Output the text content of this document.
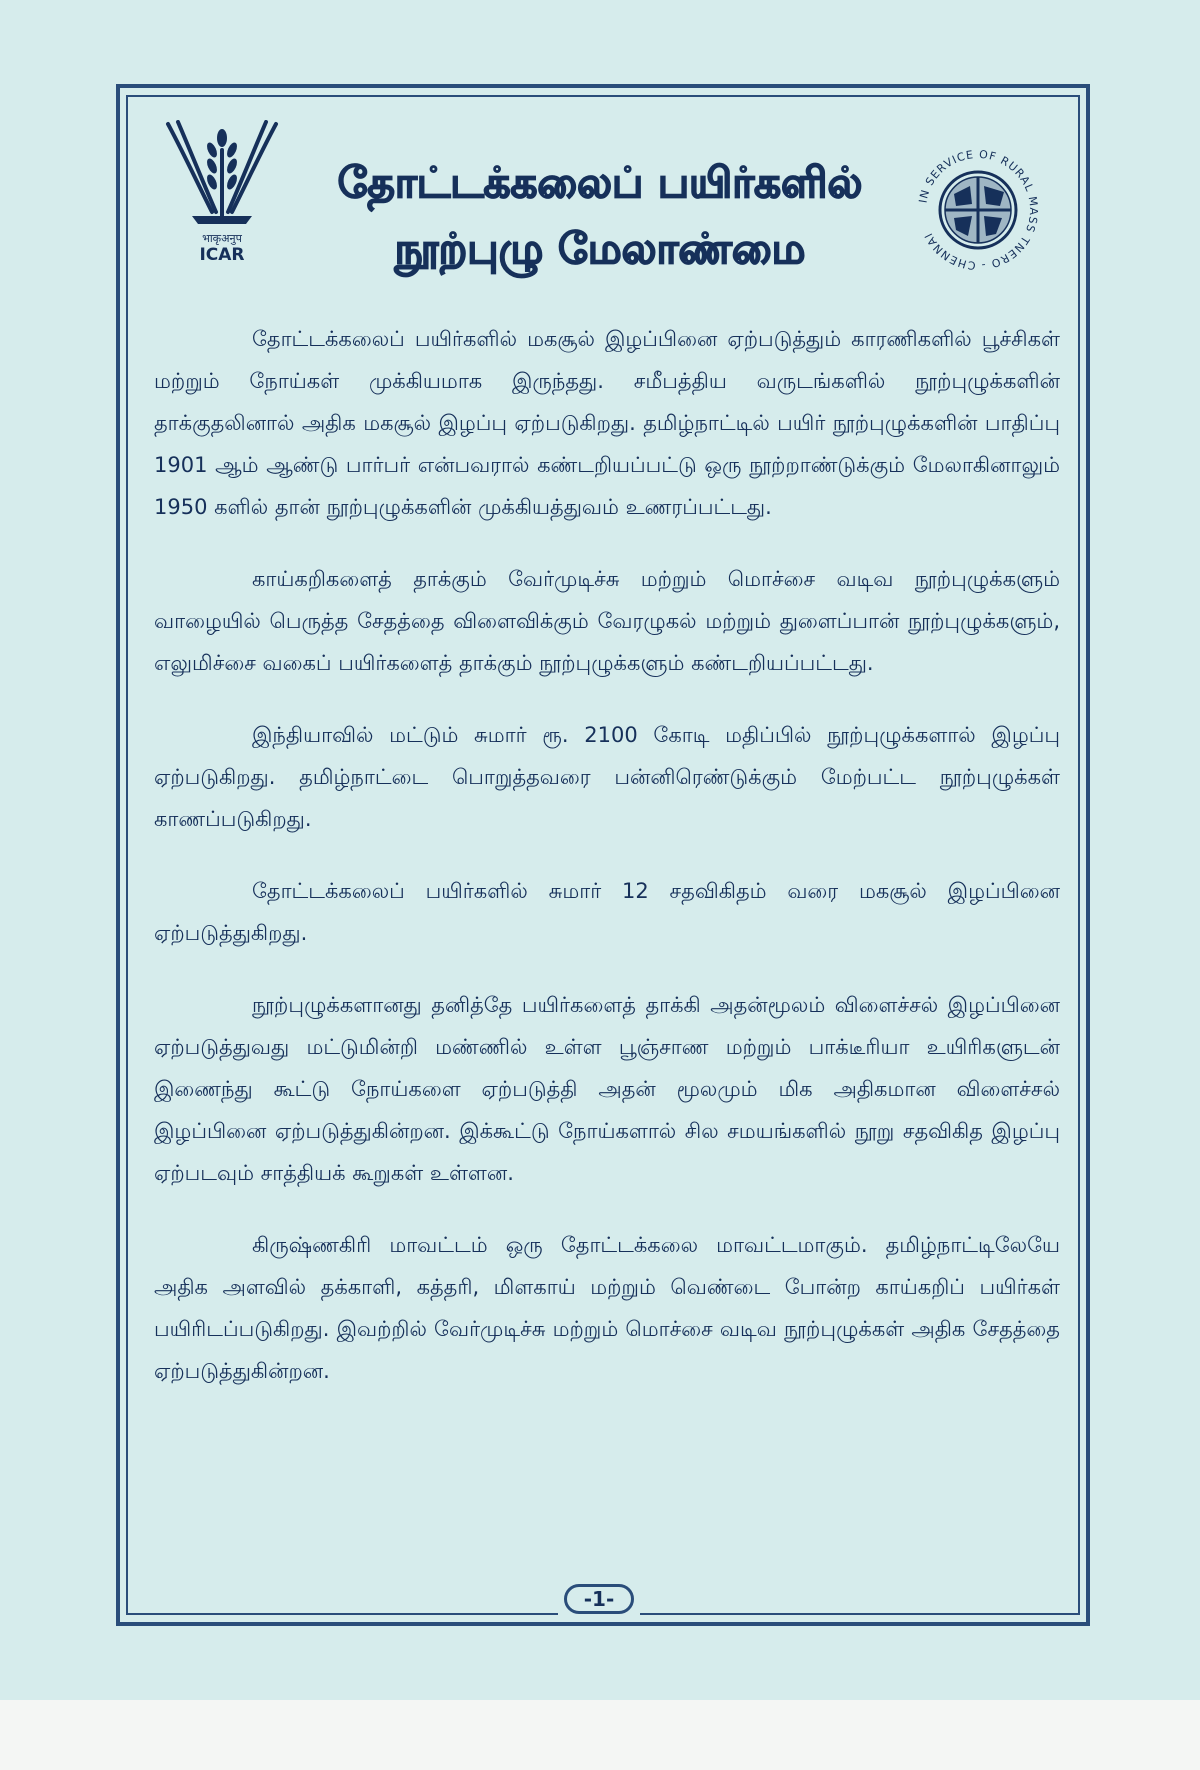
भाकृअनुप
ICAR
தோட்டக்கலைப் பயிர்களில்
நூற்புழு மேலாண்மை
IN SERVICE OF RURAL MASS TNERO - CHENNAI

தோட்டக்கலைப் பயிர்களில் மகசூல் இழப்பினை ஏற்படுத்தும் காரணிகளில் பூச்சிகள் மற்றும் நோய்கள் முக்கியமாக இருந்தது. சமீபத்திய வருடங்களில் நூற்புழுக்களின் தாக்குதலினால் அதிக மகசூல் இழப்பு ஏற்படுகிறது. தமிழ்நாட்டில் பயிர் நூற்புழுக்களின் பாதிப்பு 1901 ஆம் ஆண்டு பார்பர் என்பவரால் கண்டறியப்பட்டு ஒரு நூற்றாண்டுக்கும் மேலாகினாலும் 1950 களில் தான் நூற்புழுக்களின் முக்கியத்துவம் உணரப்பட்டது.

காய்கறிகளைத் தாக்கும் வேர்முடிச்சு மற்றும் மொச்சை வடிவ நூற்புழுக்களும் வாழையில் பெருத்த சேதத்தை விளைவிக்கும் வேரழுகல் மற்றும் துளைப்பான் நூற்புழுக்களும், எலுமிச்சை வகைப் பயிர்களைத் தாக்கும் நூற்புழுக்களும் கண்டறியப்பட்டது.

இந்தியாவில் மட்டும் சுமார் ரூ. 2100 கோடி மதிப்பில் நூற்புழுக்களால் இழப்பு ஏற்படுகிறது. தமிழ்நாட்டை பொறுத்தவரை பன்னிரெண்டுக்கும் மேற்பட்ட நூற்புழுக்கள் காணப்படுகிறது.

தோட்டக்கலைப் பயிர்களில் சுமார் 12 சதவிகிதம் வரை மகசூல் இழப்பினை ஏற்படுத்துகிறது.

நூற்புழுக்களானது தனித்தே பயிர்களைத் தாக்கி அதன்மூலம் விளைச்சல் இழப்பினை ஏற்படுத்துவது மட்டுமின்றி மண்ணில் உள்ள பூஞ்சாண மற்றும் பாக்டீரியா உயிரிகளுடன் இணைந்து கூட்டு நோய்களை ஏற்படுத்தி அதன் மூலமும் மிக அதிகமான விளைச்சல் இழப்பினை ஏற்படுத்துகின்றன. இக்கூட்டு நோய்களால் சில சமயங்களில் நூறு சதவிகித இழப்பு ஏற்படவும் சாத்தியக் கூறுகள் உள்ளன.

கிருஷ்ணகிரி மாவட்டம் ஒரு தோட்டக்கலை மாவட்டமாகும். தமிழ்நாட்டிலேயே அதிக அளவில் தக்காளி, கத்தரி, மிளகாய் மற்றும் வெண்டை போன்ற காய்கறிப் பயிர்கள் பயிரிடப்படுகிறது. இவற்றில் வேர்முடிச்சு மற்றும் மொச்சை வடிவ நூற்புழுக்கள் அதிக சேதத்தை ஏற்படுத்துகின்றன.

-1-
